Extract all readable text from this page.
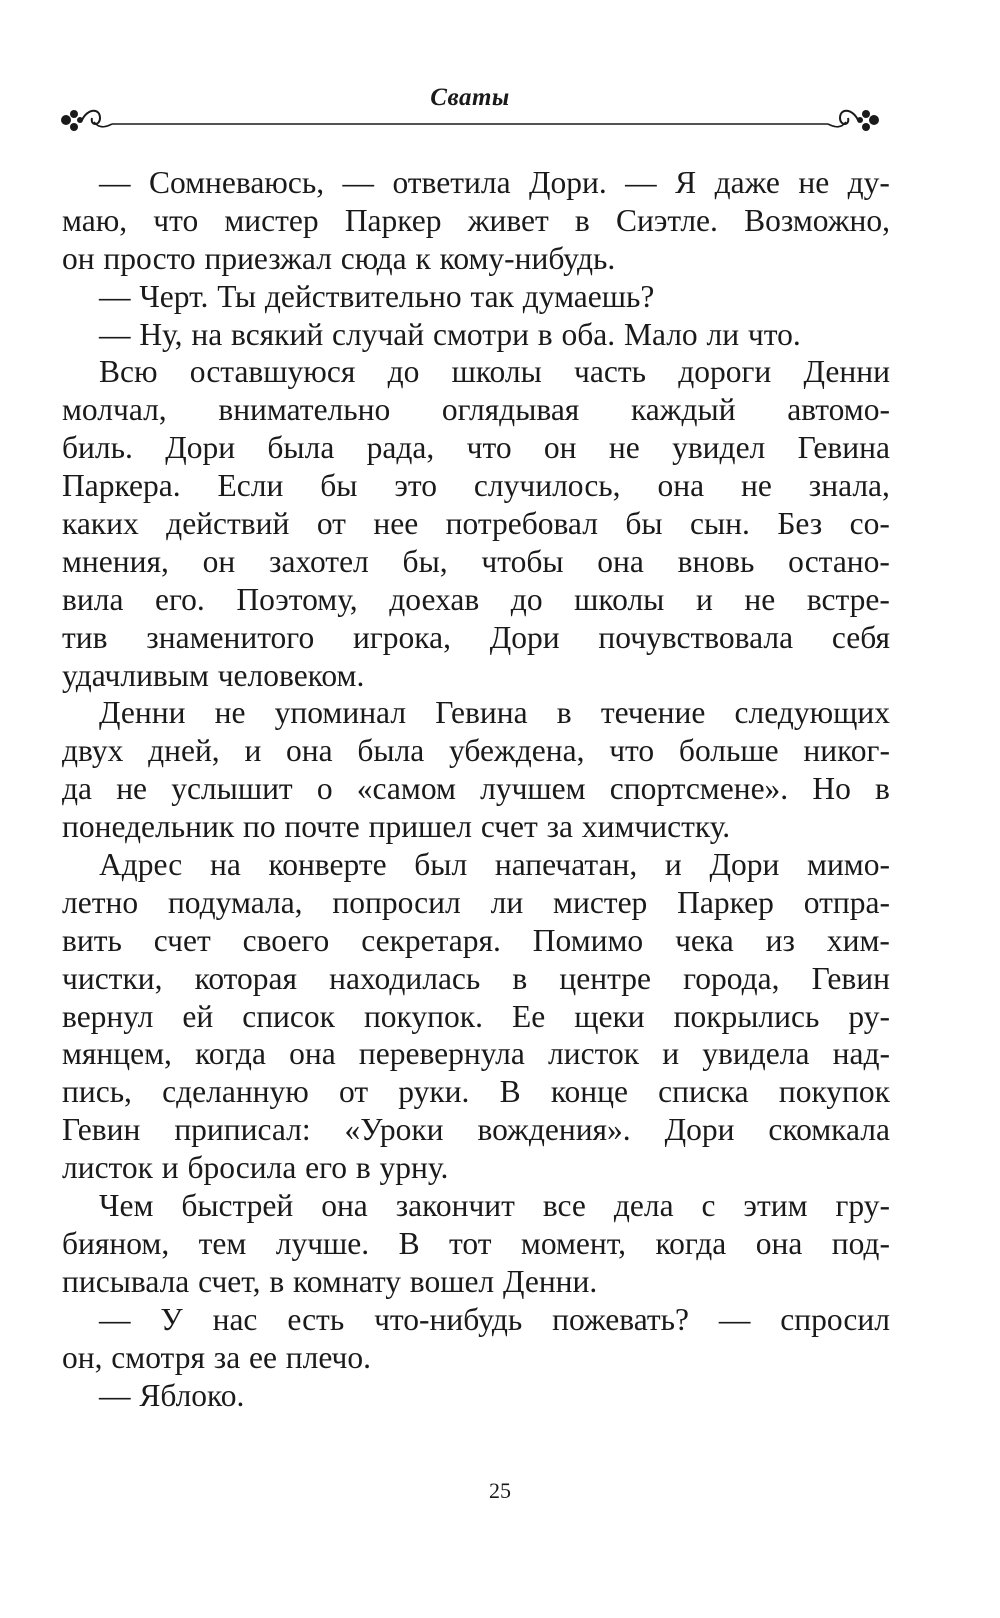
Сваты
— Сомневаюсь, — ответила Дори. — Я даже не ду-
маю, что мистер Паркер живет в Сиэтле. Возможно,
он просто приезжал сюда к кому-нибудь.
— Черт. Ты действительно так думаешь?
— Ну, на всякий случай смотри в оба. Мало ли что.
Всю оставшуюся до школы часть дороги Денни
молчал, внимательно оглядывая каждый автомо-
биль. Дори была рада, что он не увидел Гевина
Паркера. Если бы это случилось, она не знала,
каких действий от нее потребовал бы сын. Без со-
мнения, он захотел бы, чтобы она вновь остано-
вила его. Поэтому, доехав до школы и не встре-
тив знаменитого игрока, Дори почувствовала себя
удачливым человеком.
Денни не упоминал Гевина в течение следующих
двух дней, и она была убеждена, что больше никог-
да не услышит о «самом лучшем спортсмене». Но в
понедельник по почте пришел счет за химчистку.
Адрес на конверте был напечатан, и Дори мимо-
летно подумала, попросил ли мистер Паркер отпра-
вить счет своего секретаря. Помимо чека из хим-
чистки, которая находилась в центре города, Гевин
вернул ей список покупок. Ее щеки покрылись ру-
мянцем, когда она перевернула листок и увидела над-
пись, сделанную от руки. В конце списка покупок
Гевин приписал: «Уроки вождения». Дори скомкала
листок и бросила его в урну.
Чем быстрей она закончит все дела с этим гру-
бияном, тем лучше. В тот момент, когда она под-
писывала счет, в комнату вошел Денни.
— У нас есть что-нибудь пожевать? — спросил
он, смотря за ее плечо.
— Яблоко.
25
